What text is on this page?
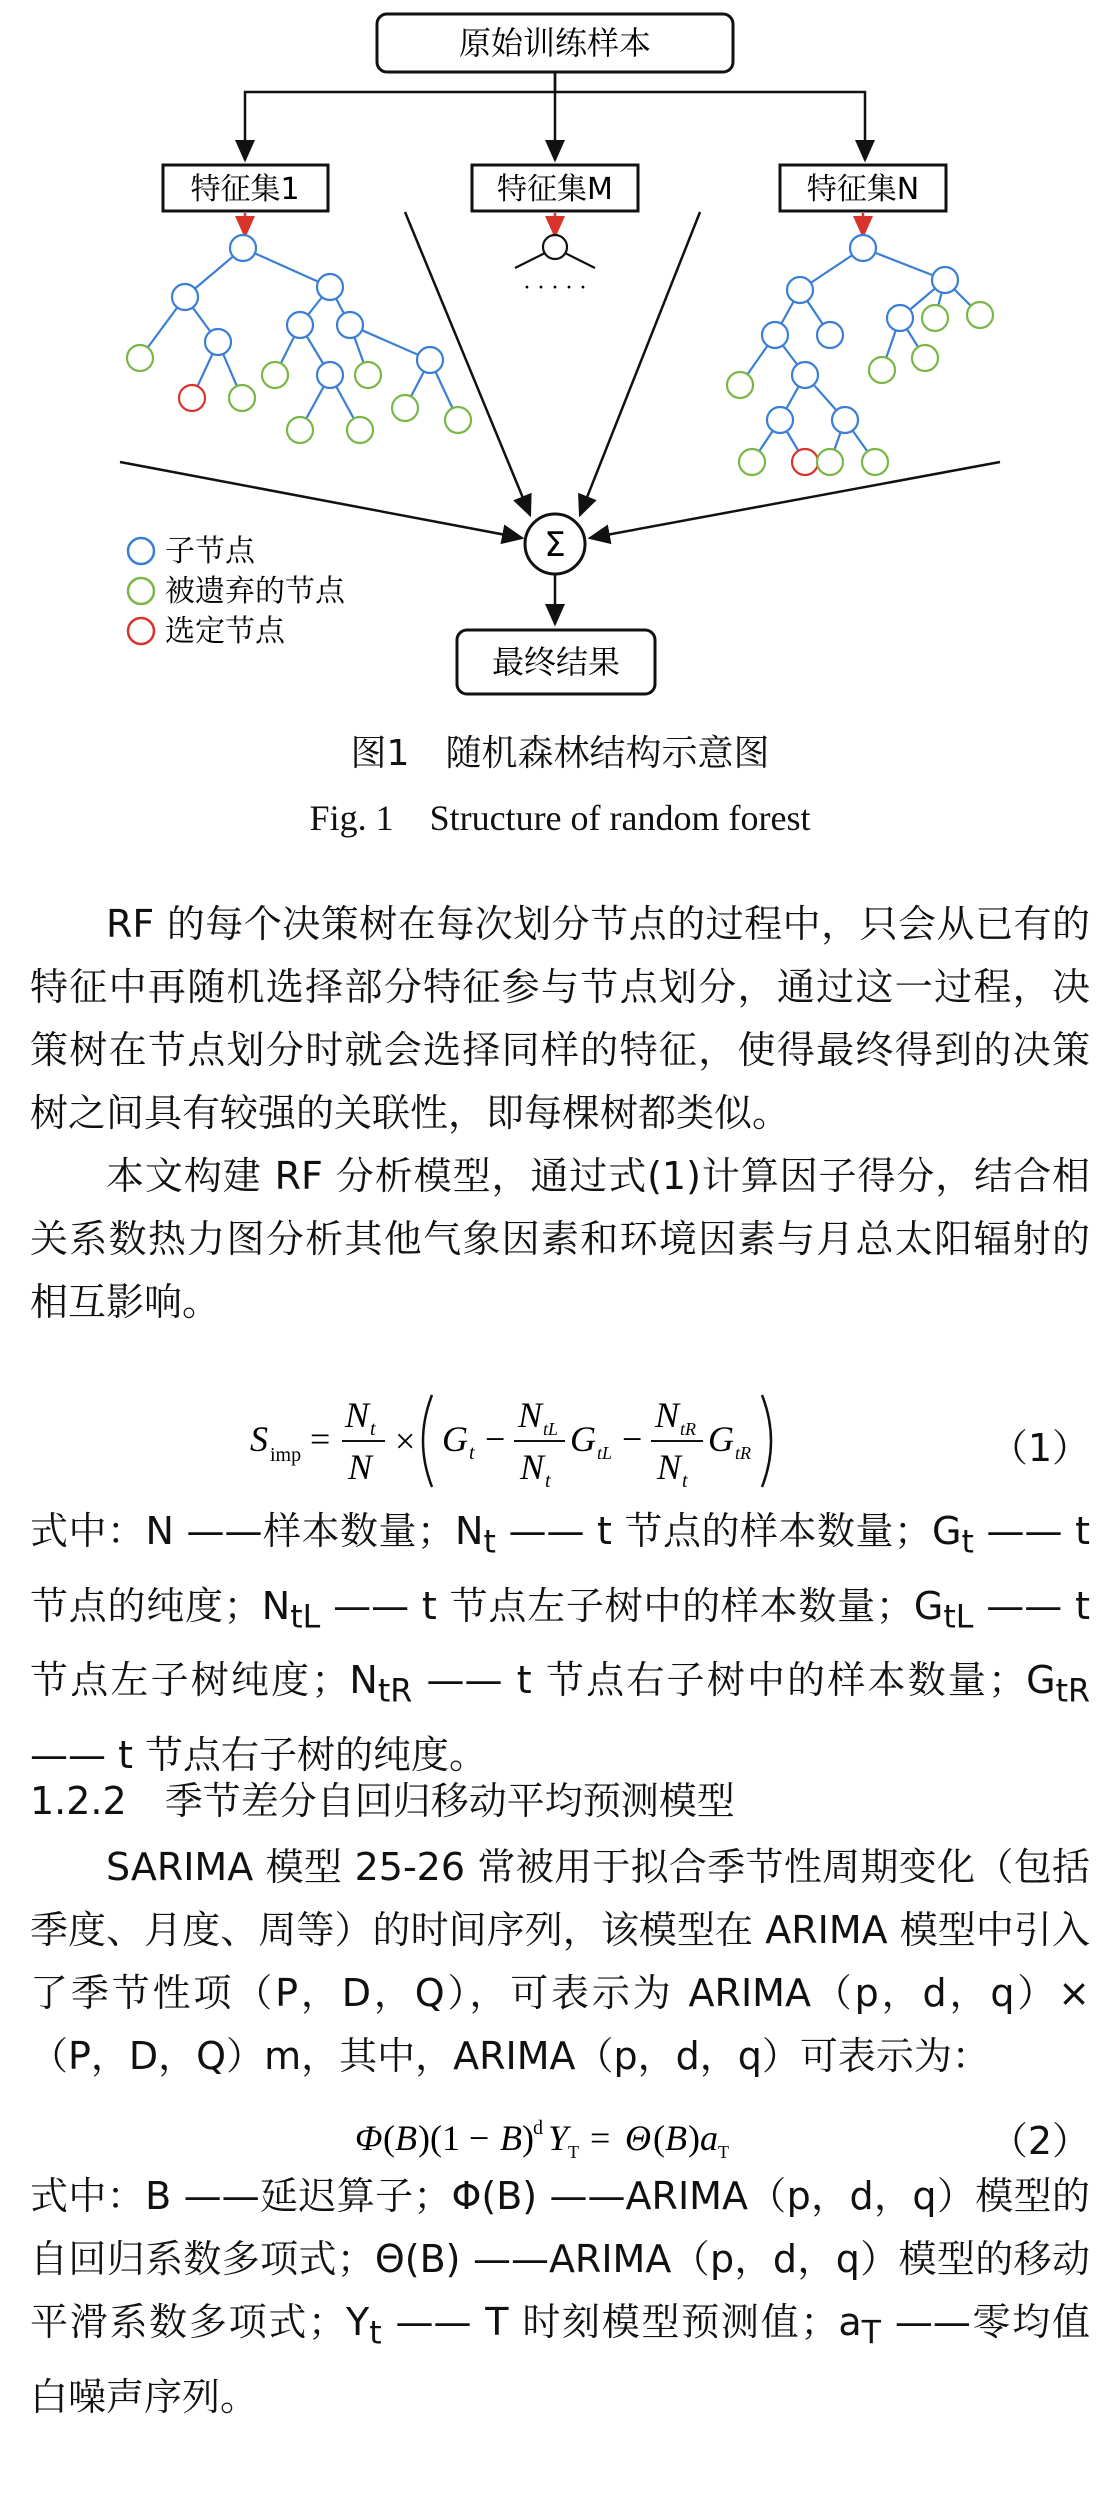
原始训练样本
特征集1	特征集M	特征集N
· · · · ·
Σ
最终结果
子节点
被遗弃的节点
选定节点
图1　随机森林结构示意图
Fig. 1　Structure of random forest

RF 的每个决策树在每次划分节点的过程中，只会从已有的特征中再随机选择部分特征参与节点划分，通过这一过程，决策树在节点划分时就会选择同样的特征，使得最终得到的决策树之间具有较强的关联性，即每棵树都类似。

本文构建 RF 分析模型，通过式(1)计算因子得分，结合相关系数热力图分析其他气象因素和环境因素与月总太阳辐射的相互影响。

S imp =
N t
N
× G t −
N tL
N t
G tL −
N tR
N t
G tR	（1）

式中：N ——样本数量；$N_t$ —— t 节点的样本数量；$G_t$ —— t 节点的纯度；$N_{tL}$ —— t 节点左子树中的样本数量；$G_{tL}$ —— t 节点左子树纯度；$N_{tR}$ —— t 节点右子树中的样本数量；$G_{tR}$ —— t 节点右子树的纯度。

1.2.2　季节差分自回归移动平均预测模型

SARIMA 模型 25-26 常被用于拟合季节性周期变化（包括季度、月度、周等）的时间序列，该模型在 ARIMA 模型中引入了季节性项（P，D，Q），可表示为 ARIMA（p，d，q）×（P，D，Q）m，其中，ARIMA（p，d，q）可表示为：

Φ ( B )(1 − B ) d Y T = Θ ( B ) a T	（2）

式中：B ——延迟算子；Φ(B) ——ARIMA（p，d，q）模型的自回归系数多项式；Θ(B) ——ARIMA（p，d，q）模型的移动平滑系数多项式；$Y_t$ —— T 时刻模型预测值；$a_T$ ——零均值白噪声序列。
